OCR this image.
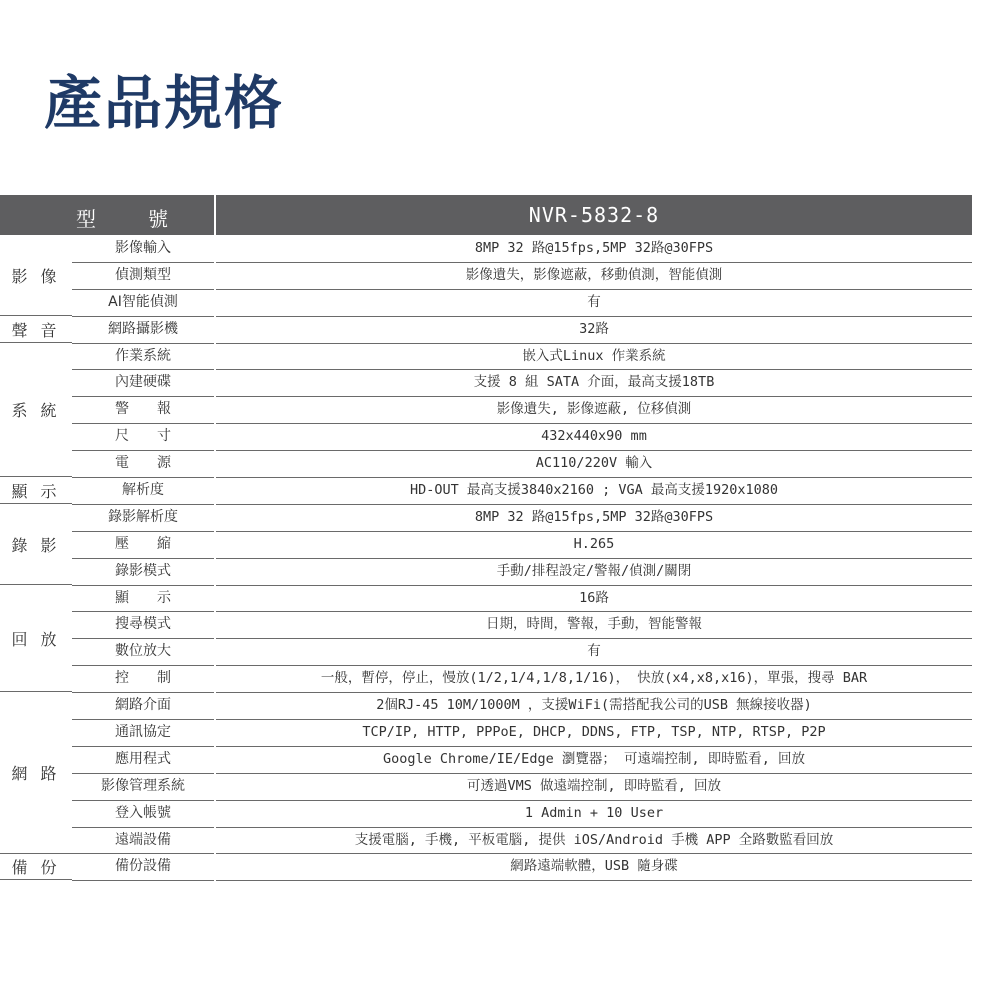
產品規格
型	號	NVR-5832-8
影 像
影像輸入	8MP 32 路@15fps,5MP 32路@30FPS
偵測類型	影像遺失，影像遮蔽，移動偵測，智能偵測
AI智能偵測	有
聲 音	網路攝影機	32路
系 統
作業系統	嵌入式Linux 作業系統
內建硬碟	支援 8 組 SATA 介面，最高支援18TB
警　　報	影像遺失, 影像遮蔽, 位移偵測
尺　　寸	432x440x90 mm
電　　源	AC110/220V 輸入
顯 示	解析度	HD-OUT 最高支援3840x2160 ; VGA 最高支援1920x1080
錄 影
錄影解析度	8MP 32 路@15fps,5MP 32路@30FPS
壓　　縮	H.265
錄影模式	手動/排程設定/警報/偵測/關閉
回 放
顯　　示	16路
搜尋模式	日期，時間，警報，手動，智能警報
數位放大	有
控　　制	一般，暫停，停止，慢放(1/2,1/4,1/8,1/16)， 快放(x4,x8,x16)，單張，搜尋 BAR
網 路
網路介面	2個RJ-45 10M/1000M ，支援WiFi(需搭配我公司的USB 無線接收器)
通訊協定	TCP/IP, HTTP, PPPoE, DHCP, DDNS, FTP, TSP, NTP, RTSP, P2P
應用程式	Google Chrome/IE/Edge 瀏覽器； 可遠端控制, 即時監看, 回放
影像管理系統	可透過VMS 做遠端控制, 即時監看, 回放
登入帳號	1 Admin + 10 User
遠端設備	支援電腦, 手機, 平板電腦, 提供 iOS/Android 手機 APP 全路數監看回放
備 份	備份設備	網路遠端軟體，USB 隨身碟
